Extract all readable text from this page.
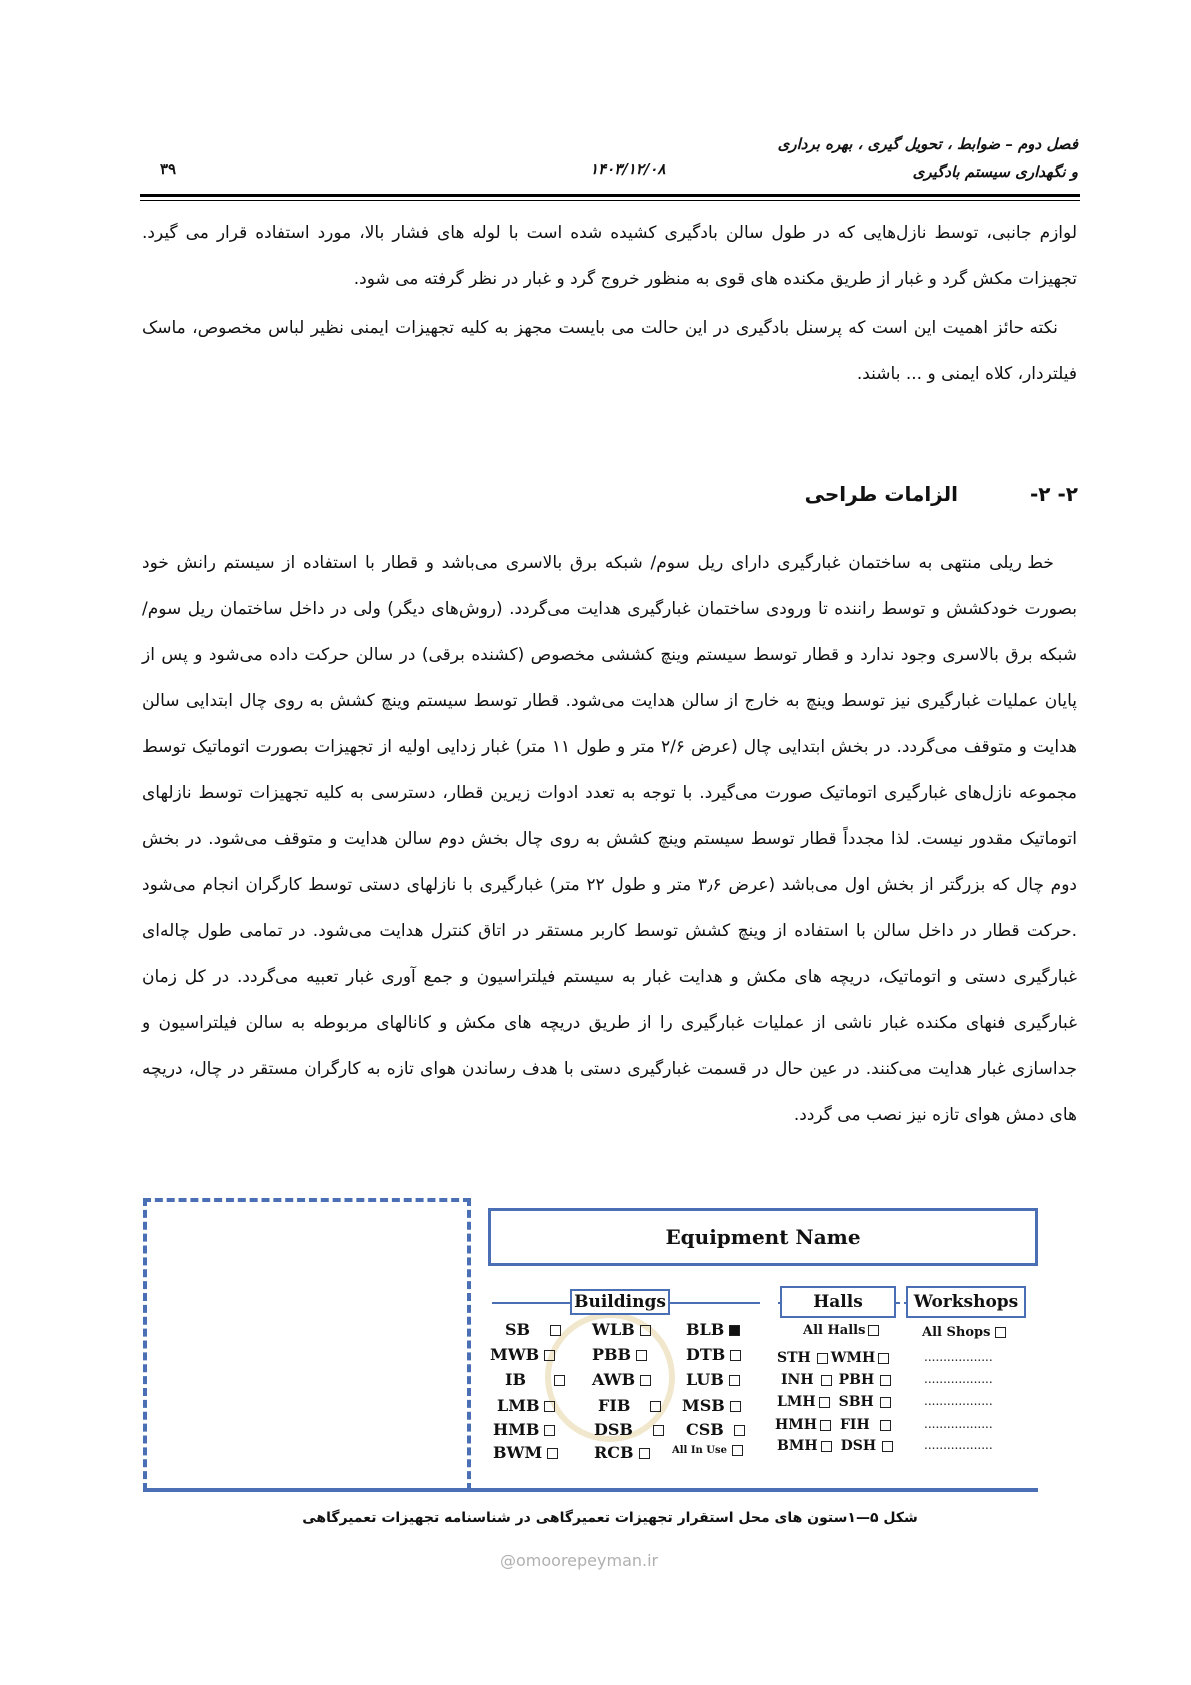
فصل دوم – ضوابط ، تحویل گیری ، بهره برداری
و نگهداری سیستم بادگیری
۱۴۰۳/۱۲/۰۸
۳۹
لوازم جانبی، توسط نازل‌هایی که در طول سالن بادگیری کشیده شده است با لوله های فشار بالا، مورد استفاده قرار می گیرد. تجهیزات مکش گرد و غبار از طریق مکنده های قوی به منظور خروج گرد و غبار در نظر گرفته می شود.
نکته حائز اهمیت این است که پرسنل بادگیری در این حالت می بایست مجهز به کلیه تجهیزات ایمنی نظیر لباس مخصوص، ماسک فیلتردار، کلاه ایمنی و ... باشند.
۲- ۲-الزامات طراحی
خط ریلی منتهی به ساختمان غبارگیری دارای ریل سوم/ شبکه برق بالاسری می‌باشد و قطار با استفاده از سیستم رانش خود بصورت خودکشش و توسط راننده تا ورودی ساختمان غبارگیری هدایت می‌گردد. (روش‌های دیگر) ولی در داخل ساختمان ریل سوم/ شبکه برق بالاسری وجود ندارد و قطار توسط سیستم وینچ کششی مخصوص (کشنده برقی) در سالن حرکت داده می‌شود و پس از پایان عملیات غبارگیری نیز توسط وینچ به خارج از سالن هدایت می‌شود. قطار توسط سیستم وینچ کشش به روی چال ابتدایی سالن هدایت و متوقف می‌گردد. در بخش ابتدایی چال (عرض ۲/۶ متر و طول ۱۱ متر) غبار زدایی اولیه از تجهیزات بصورت اتوماتیک توسط مجموعه نازل‌های غبارگیری اتوماتیک صورت می‌گیرد. با توجه به تعدد ادوات زیرین قطار، دسترسی به کلیه تجهیزات توسط نازلهای اتوماتیک مقدور نیست. لذا مجدداً قطار توسط سیستم وینچ کشش به روی چال بخش دوم سالن هدایت و متوقف می‌شود. در بخش دوم چال که بزرگتر از بخش اول می‌باشد (عرض ۳٫۶ متر و طول ۲۲ متر) غبارگیری با نازلهای دستی توسط کارگران انجام می‌شود .حرکت قطار در داخل سالن با استفاده از وینچ کشش توسط کاربر مستقر در اتاق کنترل هدایت می‌شود. در تمامی طول چاله‌ای غبارگیری دستی و اتوماتیک، دریچه های مکش و هدایت غبار به سیستم فیلتراسیون و جمع آوری غبار تعبیه می‌گردد. در کل زمان غبارگیری فنهای مکنده غبار ناشی از عملیات غبارگیری را از طریق دریچه های مکش و کانالهای مربوطه به سالن فیلتراسیون و جداسازی غبار هدایت می‌کنند. در عین حال در قسمت غبارگیری دستی با هدف رساندن هوای تازه به کارگران مستقر در چال، دریچه های دمش هوای تازه نیز نصب می گردد.
Equipment Name
Buildings	Halls	Workshops
SB	WLB	BLB
MWB	PBB	DTB
IB	AWB	LUB
LMB	FIB	MSB
HMB	DSB	CSB
BWM	RCB	All In Use
All Halls
STH WMH
INH PBH
LMH SBH
HMH FIH
BMH DSH
All Shops
..................
..................
..................
..................
..................
شکل ۵—۱ستون های محل استقرار تجهیزات تعمیرگاهی در شناسنامه تجهیزات تعمیرگاهی
@omoorepeyman.ir
